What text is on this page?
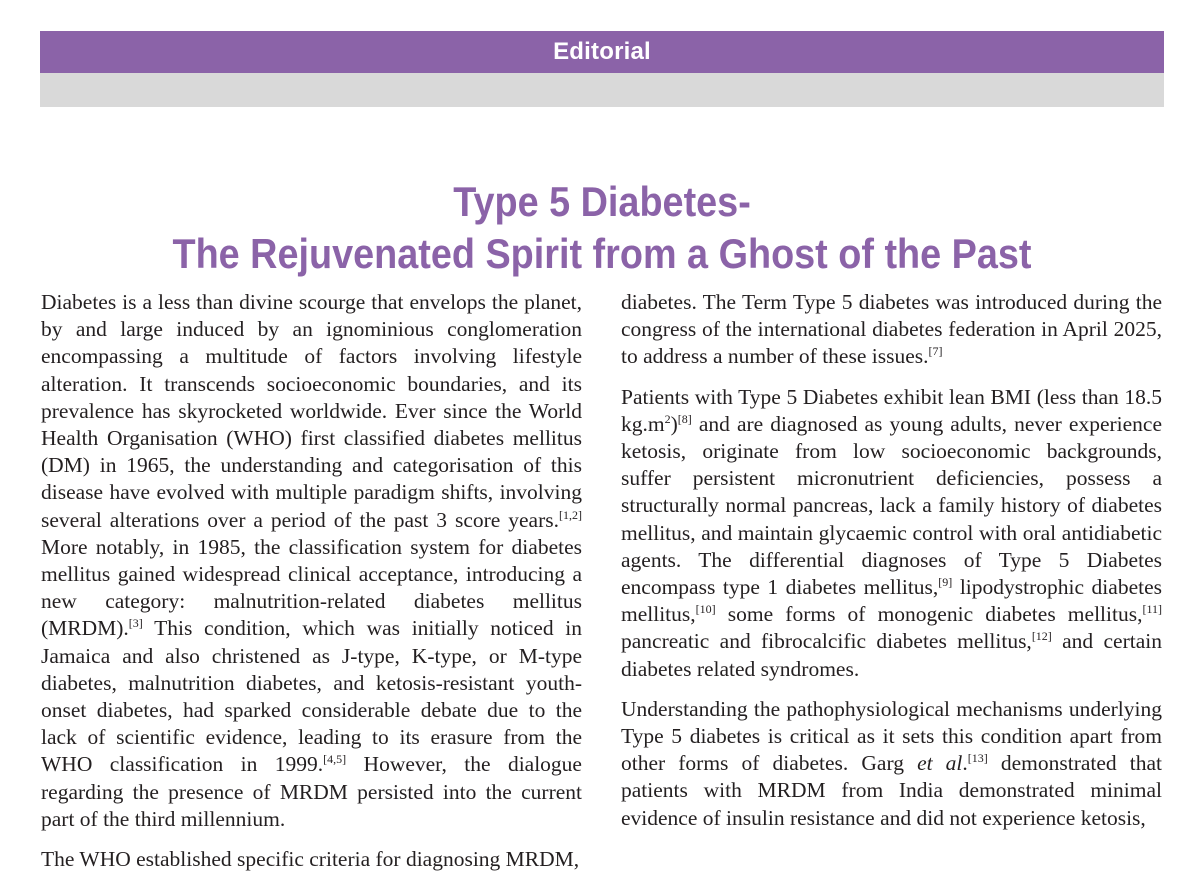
Editorial
Type 5 Diabetes-
The Rejuvenated Spirit from a Ghost of the Past

Diabetes is a less than divine scourge that envelops the planet, by and large induced by an ignominious conglomeration encompassing a multitude of factors involving lifestyle alteration. It transcends socioeconomic boundaries, and its prevalence has skyrocketed worldwide. Ever since the World Health Organisation (WHO) first classified diabetes mellitus (DM) in 1965, the understanding and categorisation of this disease have evolved with multiple paradigm shifts, involving several alterations over a period of the past 3 score years.[1,2] More notably, in 1985, the classification system for diabetes mellitus gained widespread clinical acceptance, introducing a new category: malnutrition-related diabetes mellitus (MRDM).[3] This condition, which was initially noticed in Jamaica and also christened as J-type, K-type, or M-type diabetes, malnutrition diabetes, and ketosis-resistant youth-onset diabetes, had sparked considerable debate due to the lack of scientific evidence, leading to its erasure from the WHO classification in 1999.[4,5] However, the dialogue regarding the presence of MRDM persisted into the current part of the third millennium.

The WHO established specific criteria for diagnosing MRDM,

diabetes. The Term Type 5 diabetes was introduced during the congress of the international diabetes federation in April 2025, to address a number of these issues.[7]

Patients with Type 5 Diabetes exhibit lean BMI (less than 18.5 $kg.m^2)[8]$ and are diagnosed as young adults, never experience ketosis, originate from low socioeconomic backgrounds, suffer persistent micronutrient deficiencies, possess a structurally normal pancreas, lack a family history of diabetes mellitus, and maintain glycaemic control with oral antidiabetic agents. The differential diagnoses of Type 5 Diabetes encompass type 1 diabetes mellitus,[9] lipodystrophic diabetes mellitus,[10] some forms of monogenic diabetes mellitus,[11] pancreatic and fibrocalcific diabetes mellitus,[12] and certain diabetes related syndromes.

Understanding the pathophysiological mechanisms underlying Type 5 diabetes is critical as it sets this condition apart from other forms of diabetes. Garg et al.[13] demonstrated that patients with MRDM from India demonstrated minimal evidence of insulin resistance and did not experience ketosis,
